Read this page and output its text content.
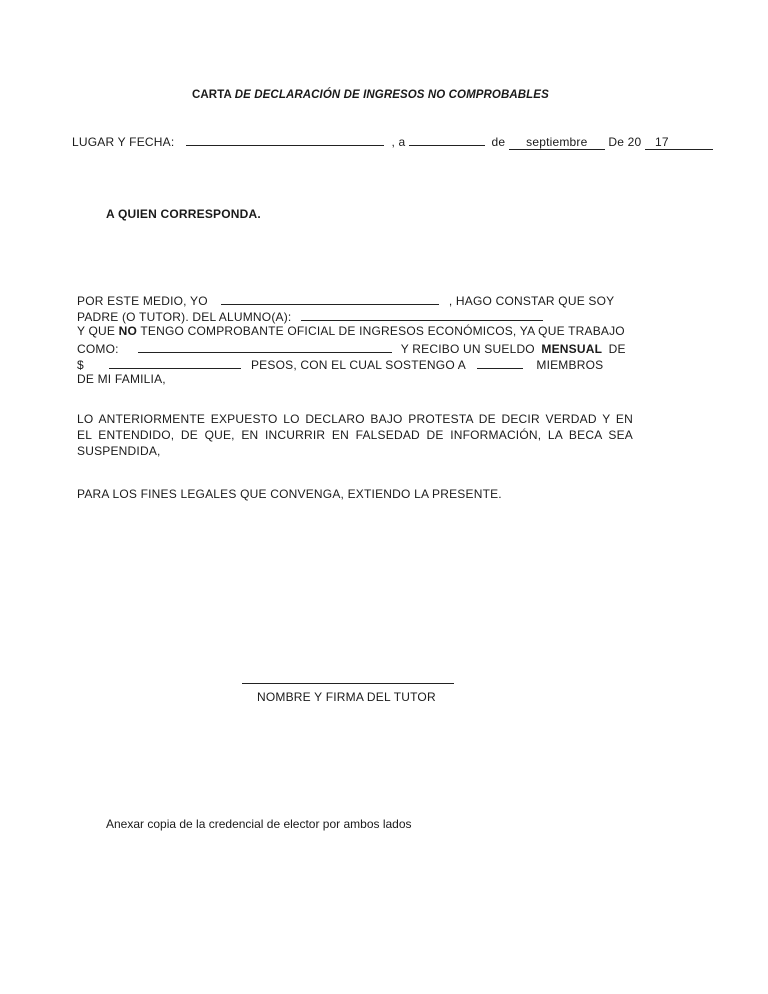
CARTA DE DECLARACIÓN DE INGRESOS NO COMPROBABLES
LUGAR Y FECHA:	, a	de septiembre De 20 17
A QUIEN CORRESPONDA.
POR ESTE MEDIO, YO	, HAGO CONSTAR QUE SOY
PADRE (O TUTOR). DEL ALUMNO(A):
Y QUE NO TENGO COMPROBANTE OFICIAL DE INGRESOS ECONÓMICOS, YA QUE TRABAJO
COMO:	Y RECIBO UN SUELDO MENSUAL DE
$	PESOS, CON EL CUAL SOSTENGO A	MIEMBROS
DE MI FAMILIA,
LO ANTERIORMENTE EXPUESTO LO DECLARO BAJO PROTESTA DE DECIR VERDAD Y EN
EL ENTENDIDO, DE QUE, EN INCURRIR EN FALSEDAD DE INFORMACIÓN, LA BECA SEA
SUSPENDIDA,
PARA LOS FINES LEGALES QUE CONVENGA, EXTIENDO LA PRESENTE.
NOMBRE Y FIRMA DEL TUTOR
Anexar copia de la credencial de elector por ambos lados
